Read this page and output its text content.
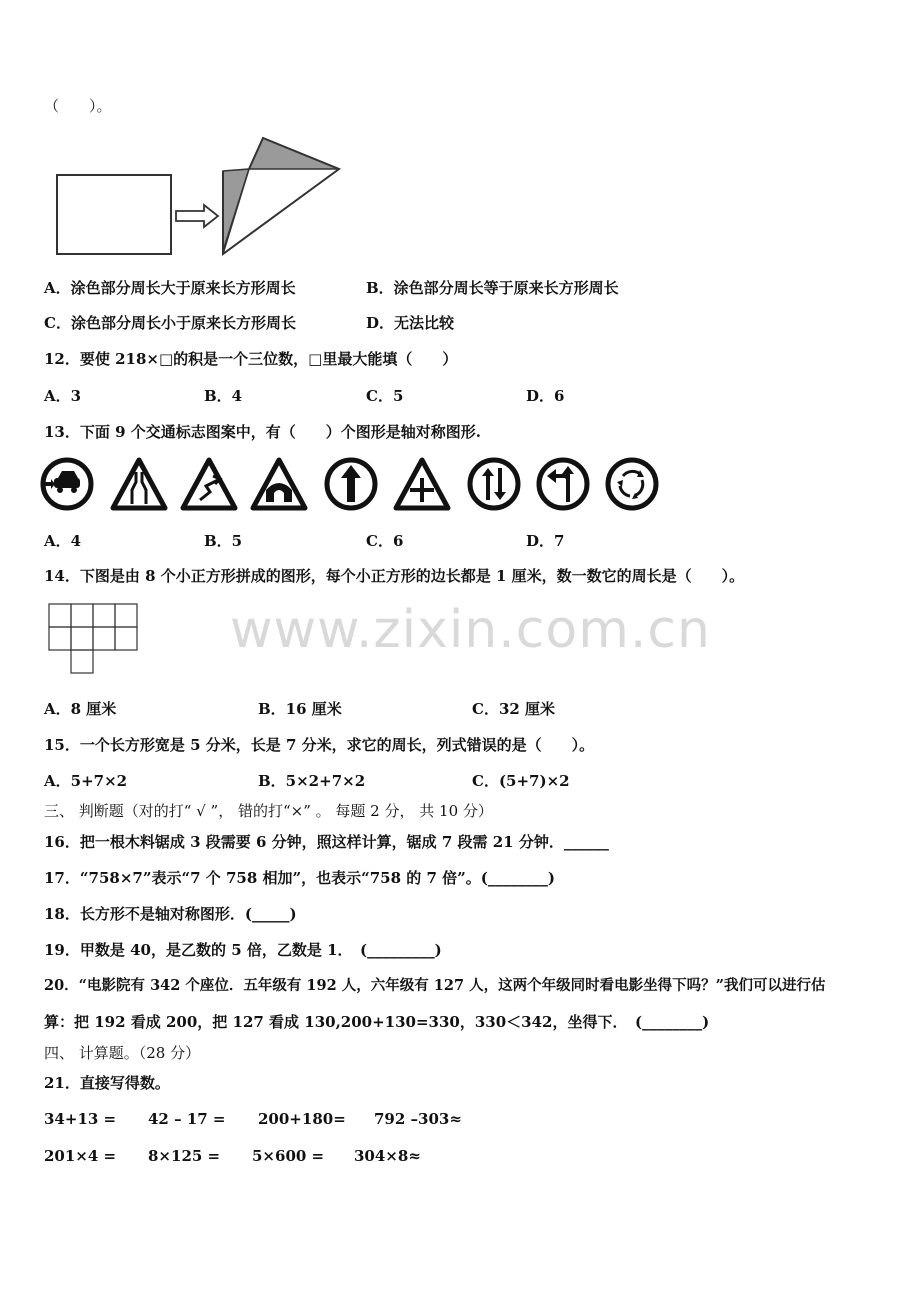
www.zixin.com.cn
（　　）。
A．涂色部分周长大于原来长方形周长	B．涂色部分周长等于原来长方形周长
C．涂色部分周长小于原来长方形周长	D．无法比较
12．要使 218×□的积是一个三位数，□里最大能填（　　）
A．3	B．4	C．5	D．6
13．下面 9 个交通标志图案中，有（　　）个图形是轴对称图形.
A．4	B．5	C．6	D．7
14．下图是由 8 个小正方形拼成的图形，每个小正方形的边长都是 1 厘米，数一数它的周长是（　　）。
A．8 厘米	B．16 厘米	C．32 厘米
15．一个长方形宽是 5 分米，长是 7 分米，求它的周长，列式错误的是（　　）。
A．5+7×2	B．5×2+7×2	C．(5+7)×2
三、 判断题（对的打“ √ ”， 错的打“×” 。 每题 2 分， 共 10 分）
16．把一根木料锯成 3 段需要 6 分钟，照这样计算，锯成 7 段需 21 分钟．______
17．“758×7”表示“7 个 758 相加”，也表示“758 的 7 倍”。(________)
18．长方形不是轴对称图形．(_____)
19．甲数是 40，是乙数的 5 倍，乙数是 1．　(_________)
20．“电影院有 342 个座位．五年级有 192 人，六年级有 127 人，这两个年级同时看电影坐得下吗？”我们可以进行估
算：把 192 看成 200，把 127 看成 130,200+130=330，330＜342，坐得下．　(________)
四、 计算题。（28 分）
21．直接写得数。
34+13 = 42 – 17 = 200+180= 792 –303≈
201×4 = 8×125 = 5×600 = 304×8≈
